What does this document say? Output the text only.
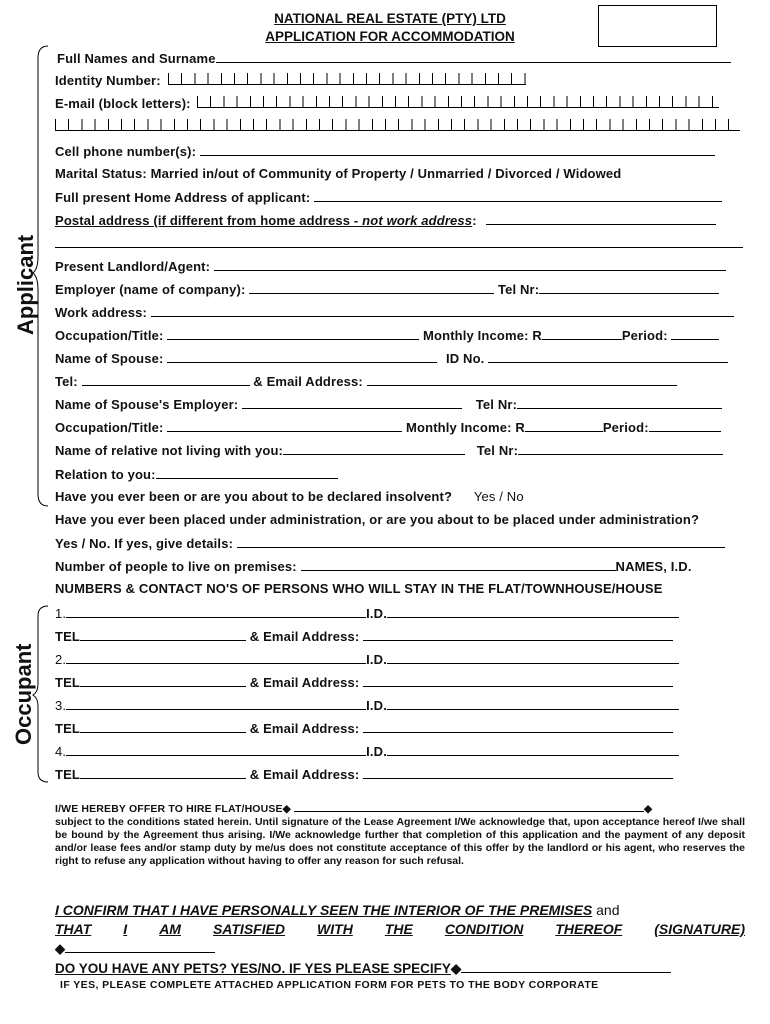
NATIONAL REAL ESTATE (PTY) LTD
APPLICATION FOR ACCOMMODATION
Applicant
Occupant
Full Names and Surname
Identity Number:
E-mail (block letters):
Cell phone number(s):
Marital Status: Married in/out of Community of Property / Unmarried / Divorced / Widowed
Full present Home Address of applicant:
Postal address (if different from home address - not work address:
Present Landlord/Agent:
Employer (name of company):	Tel Nr:
Work address:
Occupation/Title:	Monthly Income: R	Period:
Name of Spouse:	ID No.
Tel:	& Email Address:
Name of Spouse's Employer:	Tel Nr:
Occupation/Title:	Monthly Income: R	Period:
Name of relative not living with you:	Tel Nr:
Relation to you:
Have you ever been or are you about to be declared insolvent? Yes / No
Have you ever been placed under administration, or are you about to be placed under administration?
Yes / No. If yes, give details:
Number of people to live on premises:	NAMES, I.D.
NUMBERS & CONTACT NO'S OF PERSONS WHO WILL STAY IN THE FLAT/TOWNHOUSE/HOUSE
1.	I.D.
TEL	& Email Address:
2.	I.D.
TEL	& Email Address:
3.	I.D.
TEL	& Email Address:
4.	I.D.
TEL	& Email Address:
I/WE HEREBY OFFER TO HIRE FLAT/HOUSE◆	◆
subject to the conditions stated herein. Until signature of the Lease Agreement I/We acknowledge that, upon acceptance hereof I/we shall be bound by the Agreement thus arising. I/We acknowledge further that completion of this application and the payment of any deposit and/or lease fees and/or stamp duty by me/us does not constitute acceptance of this offer by the landlord or his agent, who reserves the right to refuse any application without having to offer any reason for such refusal.
I CONFIRM THAT I HAVE PERSONALLY SEEN THE INTERIOR OF THE PREMISES and
THAT I AM SATISFIED WITH THE CONDITION THEREOF (SIGNATURE)
◆
DO YOU HAVE ANY PETS? YES/NO. IF YES PLEASE SPECIFY◆
IF YES, PLEASE COMPLETE ATTACHED APPLICATION FORM FOR PETS TO THE BODY CORPORATE
